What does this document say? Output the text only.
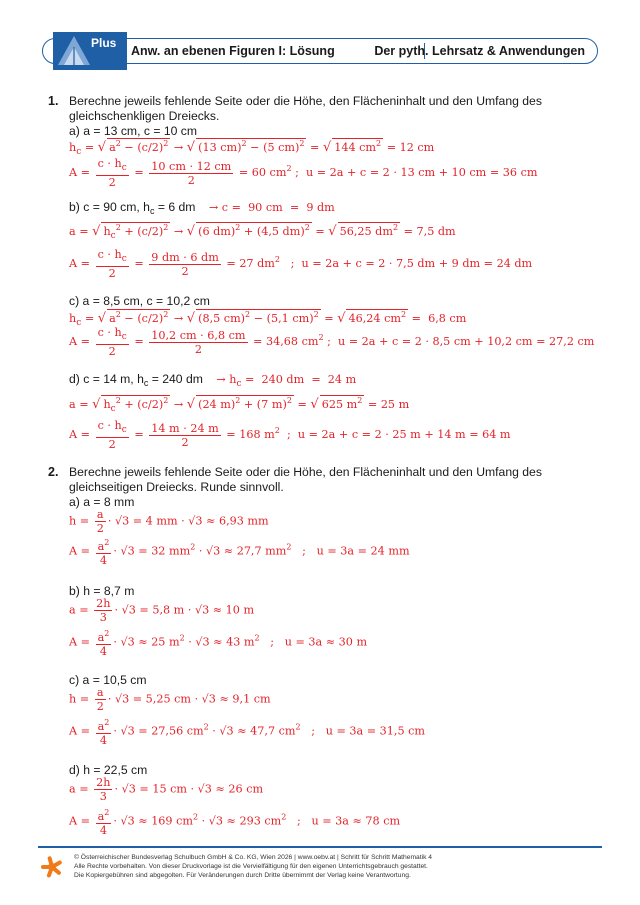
Anw. an ebenen Figuren I: Lösung	Der pyth. Lehrsatz & Anwendungen
Plus
1. Berechne jeweils fehlende Seite oder die Höhe, den Flächeninhalt und den Umfang des gleichschenkligen Dreiecks.
a) a = 13 cm, c = 10 cm
$h_c$ = √ $a^2 - (c/2)^2$ → √ (13 cm)$^2$ − (5 cm)$^2$ = √ 144 $cm^2 = 12$ cm
$A = \frac{c \cdot h_c}{2} = \frac{10 cm \cdot 12 cm}{2} = 60$ $cm^2$ ;  u = 2a + c = 2 · 13 cm + 10 cm = 36 cm
b) c = 90 cm, $h_c = 6$ dm → c =  90 cm  =  9 dm
a = √ $h_c^2 + (c/2)^2$ → √ (6 dm)$^2$ + (4,5 dm)$^2$ = √ 56,25 $dm^2 = 7,5$ dm
$A = \frac{c \cdot h_c}{2} = \frac{9 dm \cdot 6 dm}{2} = 27$ $dm^2$   ;  u = 2a + c = 2 · 7,5 dm + 9 dm = 24 dm
c) a = 8,5 cm, c = 10,2 cm
$h_c$ = √ $a^2 - (c/2)^2$ → √ (8,5 cm)$^2$ − (5,1 cm)$^2$ = √ 46,24 $cm^2 = 6,8$ cm
$A = \frac{c \cdot h_c}{2} = \frac{10,2 cm \cdot 6,8 cm}{2} = 34,68$ $cm^2$ ;  u = 2a + c = 2 · 8,5 cm + 10,2 cm = 27,2 cm
d) c = 14 m, $h_c = 240$ dm → $h_c = 240$ dm  =  24 m
a = √ $h_c^2 + (c/2)^2$ → √ (24 m)$^2$ + (7 m)$^2$ = √ 625 $m^2 = 25$ m
$A = \frac{c \cdot h_c}{2} = \frac{14 m \cdot 24 m}{2} = 168$ $m^2$  ;  u = 2a + c = 2 · 25 m + 14 m = 64 m
2. Berechne jeweils fehlende Seite oder die Höhe, den Flächeninhalt und den Umfang des gleichseitigen Dreiecks. Runde sinnvoll.
a) a = 8 mm
$h = \frac{a}{2} \cdot √3 = 4$ mm · √3 ≈ 6,93 mm
$A = \frac{a^2}{4} \cdot √3 = 32$ $mm^2 \cdot √3 \approx 27,7$ $mm^2$   ;   u = 3a = 24 mm
b) h = 8,7 m
$a = \frac{2h}{3} \cdot √3 = 5,8$ m · √3 ≈ 10 m
$A = \frac{a^2}{4} \cdot √3 \approx 25$ $m^2 \cdot √3 \approx 43$ $m^2$   ;   u = 3a ≈ 30 m
c) a = 10,5 cm
$h = \frac{a}{2} \cdot √3 = 5,25$ cm · √3 ≈ 9,1 cm
$A = \frac{a^2}{4} \cdot √3 = 27,56$ $cm^2 \cdot √3 \approx 47,7$ $cm^2$   ;   u = 3a = 31,5 cm
d) h = 22,5 cm
$a = \frac{2h}{3} \cdot √3 = 15$ cm · √3 ≈ 26 cm
$A = \frac{a^2}{4} \cdot √3 \approx 169$ $cm^2 \cdot √3 \approx 293$ $cm^2$   ;   u = 3a ≈ 78 cm
© Österreichischer Bundesverlag Schulbuch GmbH & Co. KG, Wien 2026 | www.oebv.at | Schritt für Schritt Mathematik 4
Alle Rechte vorbehalten. Von dieser Druckvorlage ist die Vervielfältigung für den eigenen Unterrichtsgebrauch gestattet.
Die Kopiergebühren sind abgegolten. Für Veränderungen durch Dritte übernimmt der Verlag keine Verantwortung.
